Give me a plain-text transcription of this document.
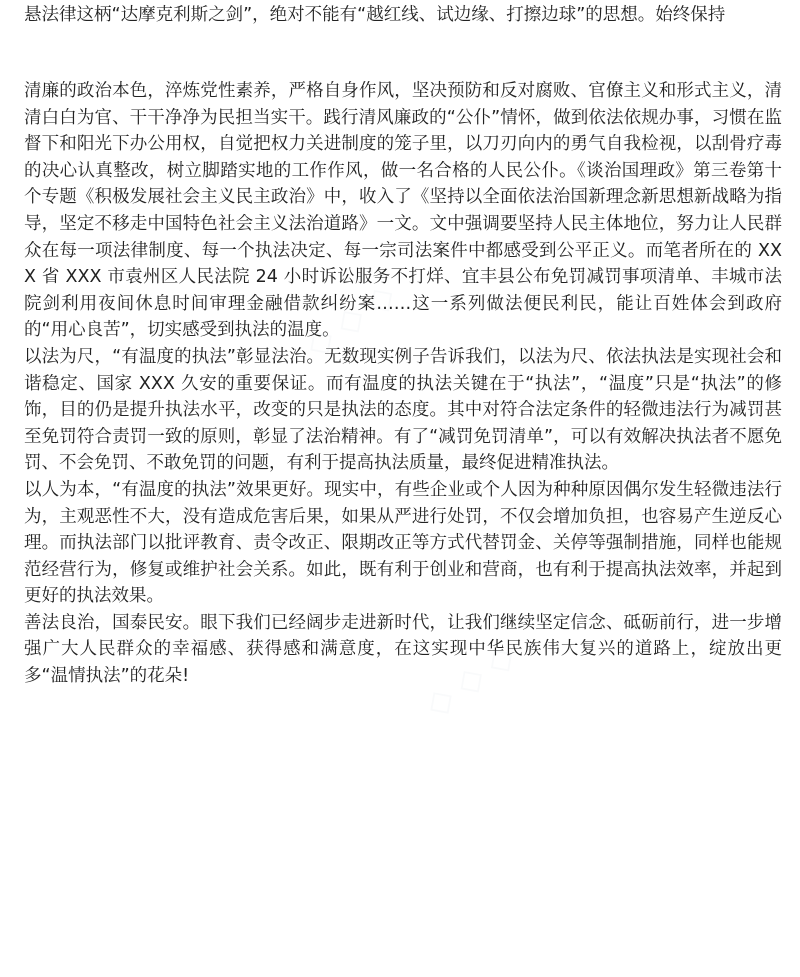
悬法律这柄“达摩克利斯之剑”，绝对不能有“越红线、试边缘、打擦边球”的思想。始终保持

清廉的政治本色，淬炼党性素养，严格自身作风，坚决预防和反对腐败、官僚主义和形式主义，清清白白为官、干干净净为民担当实干。践行清风廉政的“公仆”情怀，做到依法依规办事，习惯在监督下和阳光下办公用权，自觉把权力关进制度的笼子里，以刀刃向内的勇气自我检视，以刮骨疗毒的决心认真整改，树立脚踏实地的工作作风，做一名合格的人民公仆。《谈治国理政》第三卷第十个专题《积极发展社会主义民主政治》中，收入了《坚持以全面依法治国新理念新思想新战略为指导，坚定不移走中国特色社会主义法治道路》一文。文中强调要坚持人民主体地位，努力让人民群众在每一项法律制度、每一个执法决定、每一宗司法案件中都感受到公平正义。而笔者所在的 XXX 省 XXX 市袁州区人民法院 24 小时诉讼服务不打烊、宜丰县公布免罚减罚事项清单、丰城市法院剑利用夜间休息时间审理金融借款纠纷案……这一系列做法便民利民，能让百姓体会到政府的“用心良苦”，切实感受到执法的温度。

以法为尺，“有温度的执法”彰显法治。无数现实例子告诉我们，以法为尺、依法执法是实现社会和谐稳定、国家 XXX 久安的重要保证。而有温度的执法关键在于“执法”，“温度”只是“执法”的修饰，目的仍是提升执法水平，改变的只是执法的态度。其中对符合法定条件的轻微违法行为减罚甚至免罚符合责罚一致的原则，彰显了法治精神。有了“减罚免罚清单”，可以有效解决执法者不愿免罚、不会免罚、不敢免罚的问题，有利于提高执法质量，最终促进精准执法。

以人为本，“有温度的执法”效果更好。现实中，有些企业或个人因为种种原因偶尔发生轻微违法行为，主观恶性不大，没有造成危害后果，如果从严进行处罚，不仅会增加负担，也容易产生逆反心理。而执法部门以批评教育、责令改正、限期改正等方式代替罚金、关停等强制措施，同样也能规范经营行为，修复或维护社会关系。如此，既有利于创业和营商，也有利于提高执法效率，并起到更好的执法效果。

善法良治，国泰民安。眼下我们已经阔步走进新时代，让我们继续坚定信念、砥砺前行，进一步增强广大人民群众的幸福感、获得感和满意度，在这实现中华民族伟大复兴的道路上，绽放出更多“温情执法”的花朵!

◇ ◇ ◇
◇ ◇ ◇
